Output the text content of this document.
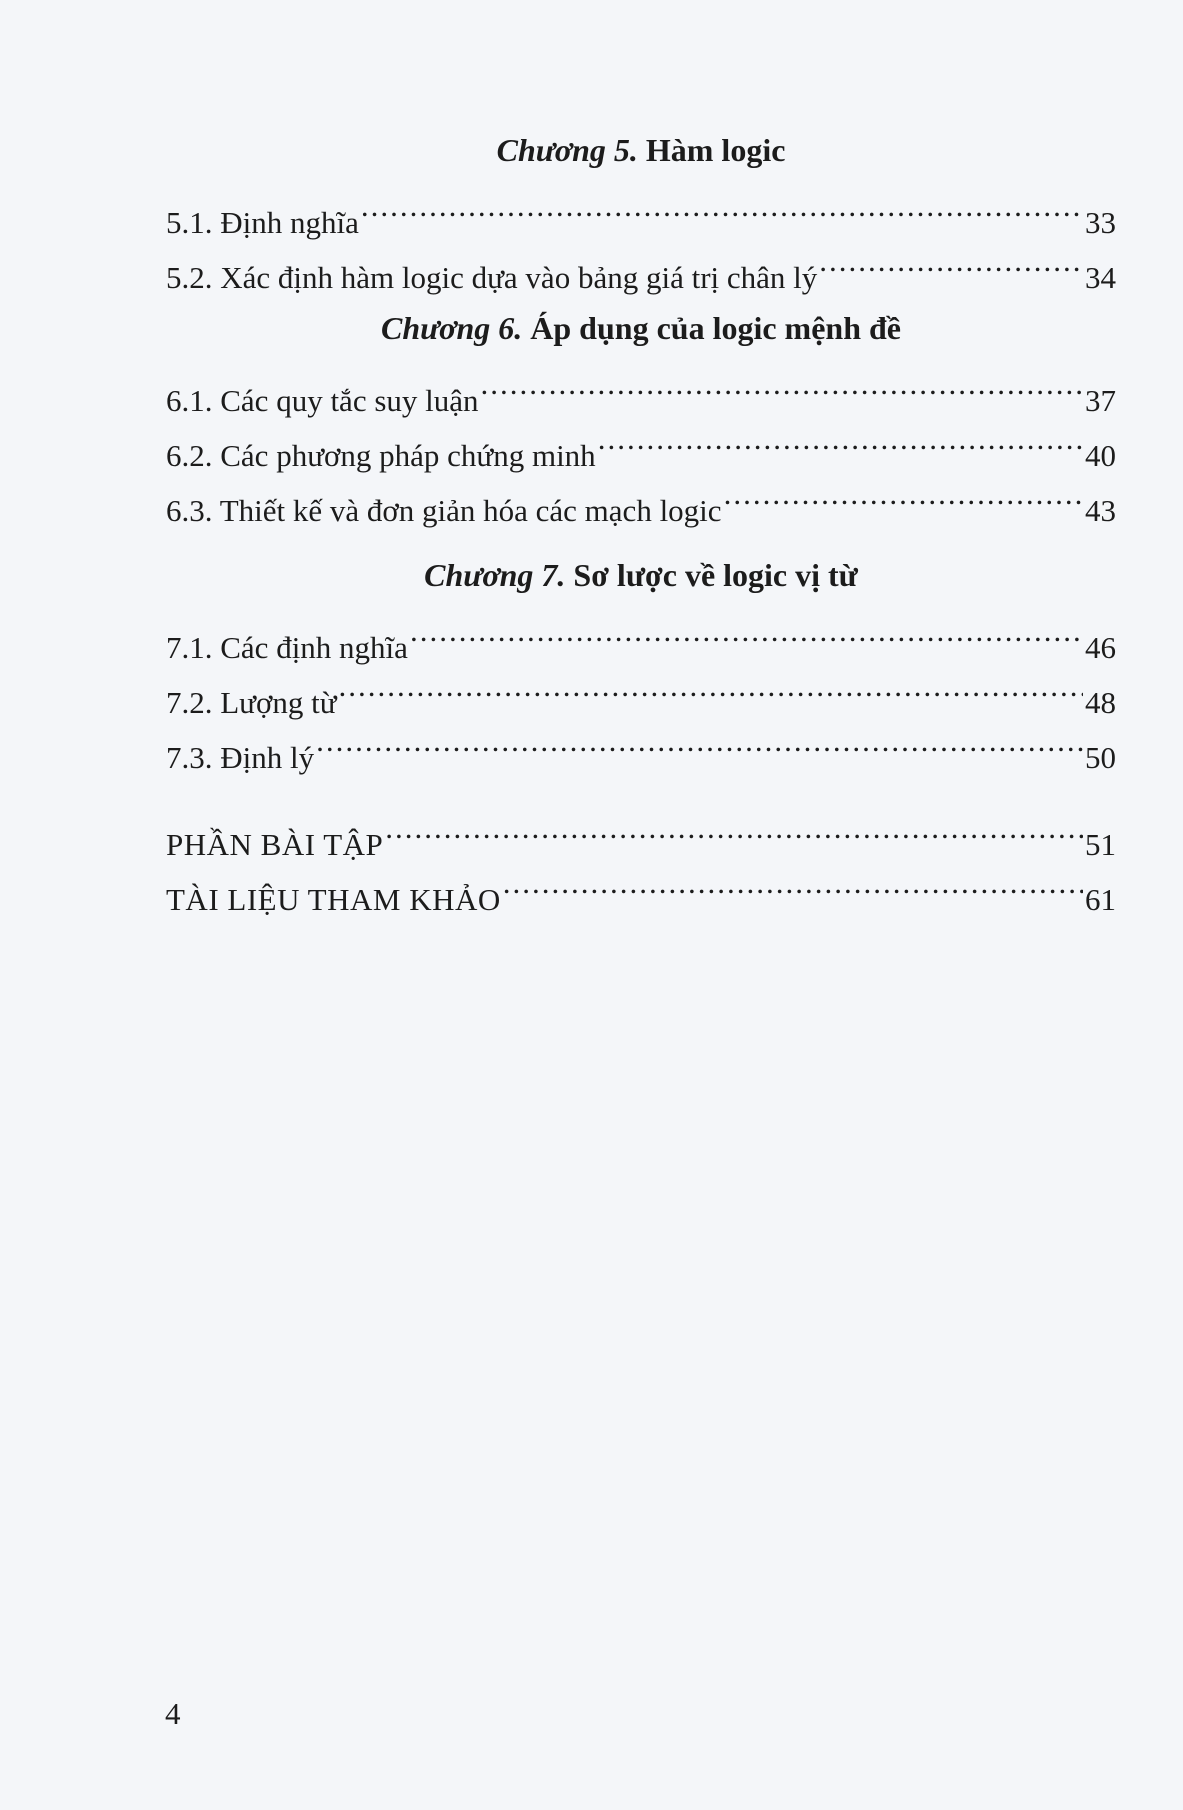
Chương 5. Hàm logic
5.1. Định nghĩa .....	33
5.2. Xác định hàm logic dựa vào bảng giá trị chân lý .....	34
Chương 6. Áp dụng của logic mệnh đề
6.1. Các quy tắc suy luận .....	37
6.2. Các phương pháp chứng minh .....	40
6.3. Thiết kế và đơn giản hóa các mạch logic .....	43
Chương 7. Sơ lược về logic vị từ
7.1. Các định nghĩa .....	46
7.2. Lượng từ .....	48
7.3. Định lý .....	50
PHẦN BÀI TẬP .....	51
TÀI LIỆU THAM KHẢO .....	61
4
